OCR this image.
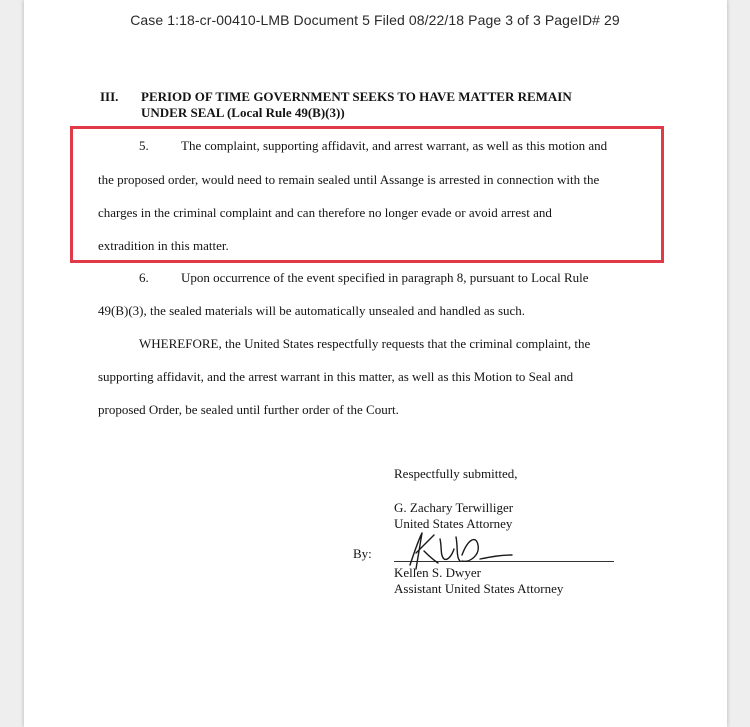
Case 1:18-cr-00410-LMB Document 5 Filed 08/22/18 Page 3 of 3 PageID# 29
III. PERIOD OF TIME GOVERNMENT SEEKS TO HAVE MATTER REMAIN
UNDER SEAL (Local Rule 49(B)(3))
5. The complaint, supporting affidavit, and arrest warrant, as well as this motion and
the proposed order, would need to remain sealed until Assange is arrested in connection with the
charges in the criminal complaint and can therefore no longer evade or avoid arrest and
extradition in this matter.
6. Upon occurrence of the event specified in paragraph 8, pursuant to Local Rule
49(B)(3), the sealed materials will be automatically unsealed and handled as such.
WHEREFORE, the United States respectfully requests that the criminal complaint, the
supporting affidavit, and the arrest warrant in this matter, as well as this Motion to Seal and
proposed Order, be sealed until further order of the Court.
Respectfully submitted,
G. Zachary Terwilliger
United States Attorney
By:
Kellen S. Dwyer
Assistant United States Attorney
